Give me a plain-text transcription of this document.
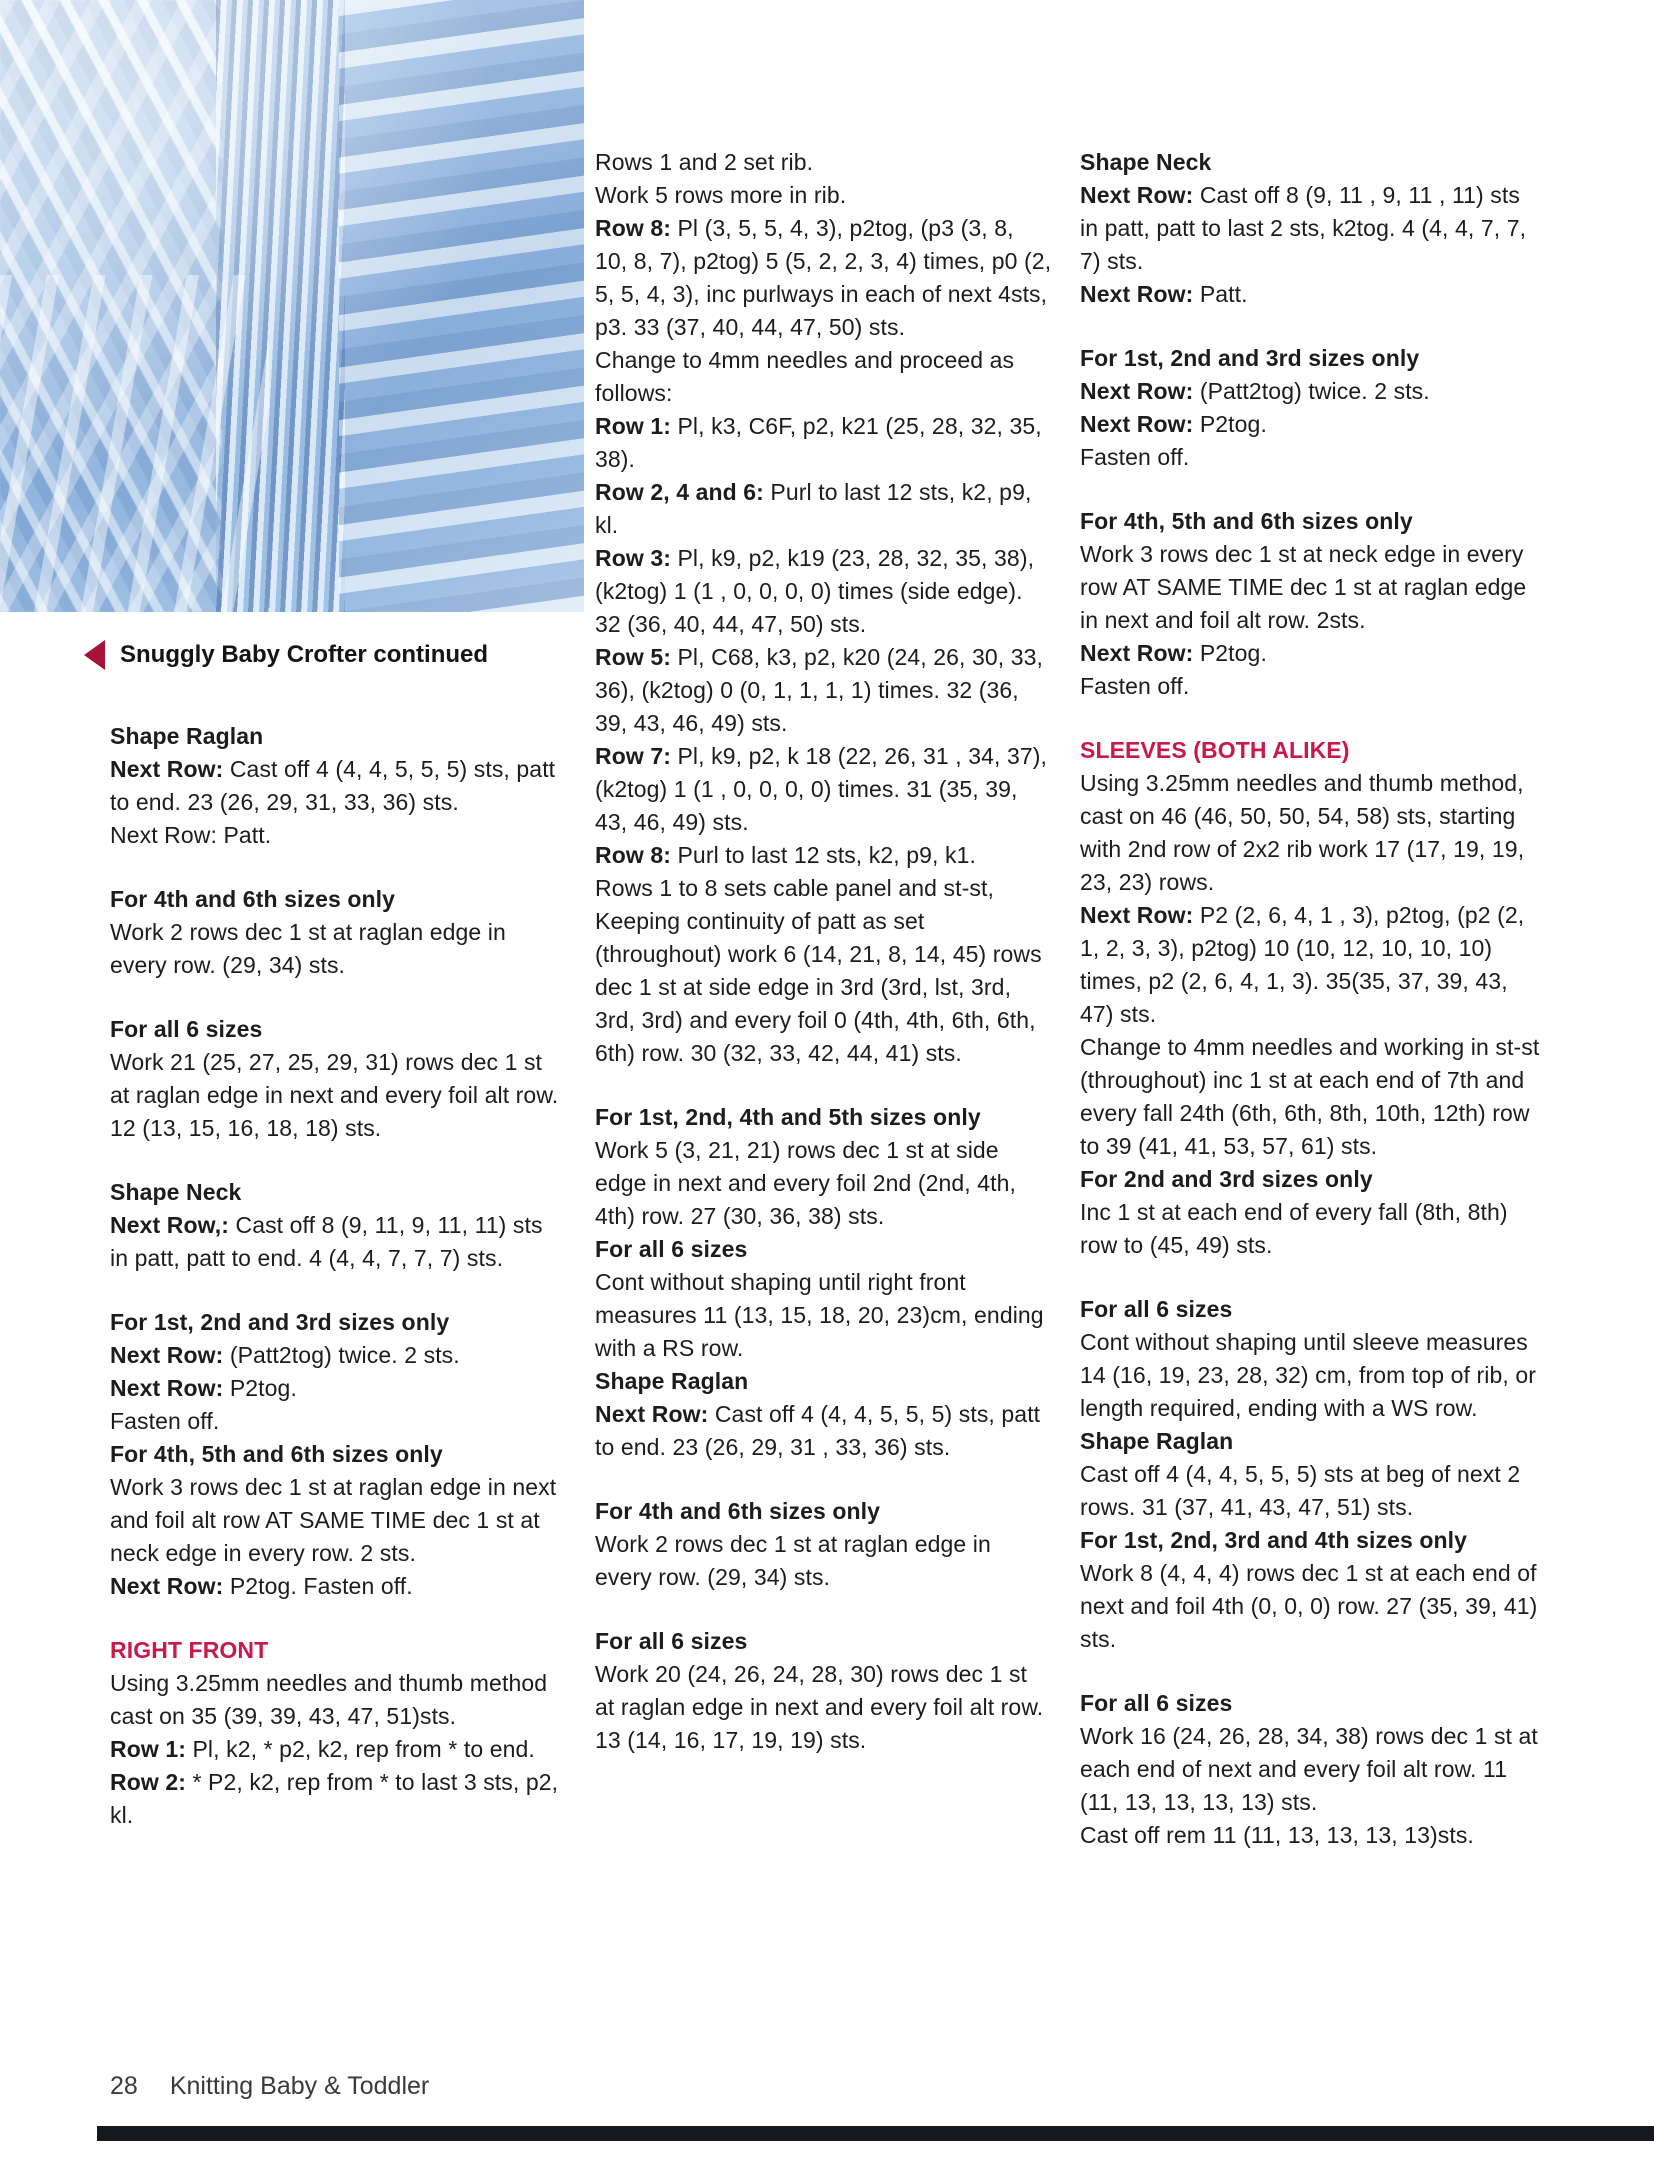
Snuggly Baby Crofter continued
Shape Raglan
Next Row: Cast off 4 (4, 4, 5, 5, 5) sts, patt to end. 23 (26, 29, 31, 33, 36) sts.
Next Row: Patt.
For 4th and 6th sizes only
Work 2 rows dec 1 st at raglan edge in every row. (29, 34) sts.
For all 6 sizes
Work 21 (25, 27, 25, 29, 31) rows dec 1 st at raglan edge in next and every foil alt row. 12 (13, 15, 16, 18, 18) sts.
Shape Neck
Next Row,: Cast off 8 (9, 11, 9, 11, 11) sts in patt, patt to end. 4 (4, 4, 7, 7, 7) sts.
For 1st, 2nd and 3rd sizes only
Next Row: (Patt2tog) twice. 2 sts.
Next Row: P2tog.
Fasten off.
For 4th, 5th and 6th sizes only
Work 3 rows dec 1 st at raglan edge in next and foil alt row AT SAME TIME dec 1 st at neck edge in every row. 2 sts.
Next Row: P2tog. Fasten off.
RIGHT FRONT
Using 3.25mm needles and thumb method cast on 35 (39, 39, 43, 47, 51)sts.
Row 1: Pl, k2, * p2, k2, rep from * to end.
Row 2: * P2, k2, rep from * to last 3 sts, p2, kl.
Rows 1 and 2 set rib.
Work 5 rows more in rib.
Row 8: Pl (3, 5, 5, 4, 3), p2tog, (p3 (3, 8, 10, 8, 7), p2tog) 5 (5, 2, 2, 3, 4) times, p0 (2, 5, 5, 4, 3), inc purlways in each of next 4sts, p3. 33 (37, 40, 44, 47, 50) sts.
Change to 4mm needles and proceed as follows:
Row 1: Pl, k3, C6F, p2, k21 (25, 28, 32, 35, 38).
Row 2, 4 and 6: Purl to last 12 sts, k2, p9, kl.
Row 3: Pl, k9, p2, k19 (23, 28, 32, 35, 38), (k2tog) 1 (1 , 0, 0, 0, 0) times (side edge). 32 (36, 40, 44, 47, 50) sts.
Row 5: Pl, C68, k3, p2, k20 (24, 26, 30, 33, 36), (k2tog) 0 (0, 1, 1, 1, 1) times. 32 (36, 39, 43, 46, 49) sts.
Row 7: Pl, k9, p2, k 18 (22, 26, 31 , 34, 37), (k2tog) 1 (1 , 0, 0, 0, 0) times. 31 (35, 39, 43, 46, 49) sts.
Row 8: Purl to last 12 sts, k2, p9, k1.
Rows 1 to 8 sets cable panel and st-st,
Keeping continuity of patt as set (throughout) work 6 (14, 21, 8, 14, 45) rows dec 1 st at side edge in 3rd (3rd, lst, 3rd, 3rd, 3rd) and every foil 0 (4th, 4th, 6th, 6th, 6th) row. 30 (32, 33, 42, 44, 41) sts.
For 1st, 2nd, 4th and 5th sizes only
Work 5 (3, 21, 21) rows dec 1 st at side edge in next and every foil 2nd (2nd, 4th, 4th) row. 27 (30, 36, 38) sts.
For all 6 sizes
Cont without shaping until right front measures 11 (13, 15, 18, 20, 23)cm, ending with a RS row.
Shape Raglan
Next Row: Cast off 4 (4, 4, 5, 5, 5) sts, patt to end. 23 (26, 29, 31 , 33, 36) sts.
For 4th and 6th sizes only
Work 2 rows dec 1 st at raglan edge in every row. (29, 34) sts.
For all 6 sizes
Work 20 (24, 26, 24, 28, 30) rows dec 1 st at raglan edge in next and every foil alt row. 13 (14, 16, 17, 19, 19) sts.
Shape Neck
Next Row: Cast off 8 (9, 11 , 9, 11 , 11) sts in patt, patt to last 2 sts, k2tog. 4 (4, 4, 7, 7, 7) sts.
Next Row: Patt.
For 1st, 2nd and 3rd sizes only
Next Row: (Patt2tog) twice. 2 sts.
Next Row: P2tog.
Fasten off.
For 4th, 5th and 6th sizes only
Work 3 rows dec 1 st at neck edge in every row AT SAME TIME dec 1 st at raglan edge in next and foil alt row. 2sts.
Next Row: P2tog.
Fasten off.
SLEEVES (BOTH ALIKE)
Using 3.25mm needles and thumb method, cast on 46 (46, 50, 50, 54, 58) sts, starting with 2nd row of 2x2 rib work 17 (17, 19, 19, 23, 23) rows.
Next Row: P2 (2, 6, 4, 1 , 3), p2tog, (p2 (2, 1, 2, 3, 3), p2tog) 10 (10, 12, 10, 10, 10) times, p2 (2, 6, 4, 1, 3). 35(35, 37, 39, 43, 47) sts.
Change to 4mm needles and working in st-st (throughout) inc 1 st at each end of 7th and every fall 24th (6th, 6th, 8th, 10th, 12th) row to 39 (41, 41, 53, 57, 61) sts.
For 2nd and 3rd sizes only
Inc 1 st at each end of every fall (8th, 8th) row to (45, 49) sts.
For all 6 sizes
Cont without shaping until sleeve measures 14 (16, 19, 23, 28, 32) cm, from top of rib, or length required, ending with a WS row.
Shape Raglan
Cast off 4 (4, 4, 5, 5, 5) sts at beg of next 2 rows. 31 (37, 41, 43, 47, 51) sts.
For 1st, 2nd, 3rd and 4th sizes only
Work 8 (4, 4, 4) rows dec 1 st at each end of next and foil 4th (0, 0, 0) row. 27 (35, 39, 41) sts.
For all 6 sizes
Work 16 (24, 26, 28, 34, 38) rows dec 1 st at each end of next and every foil alt row. 11 (11, 13, 13, 13, 13) sts.
Cast off rem 11 (11, 13, 13, 13, 13)sts.
28 Knitting Baby & Toddler
